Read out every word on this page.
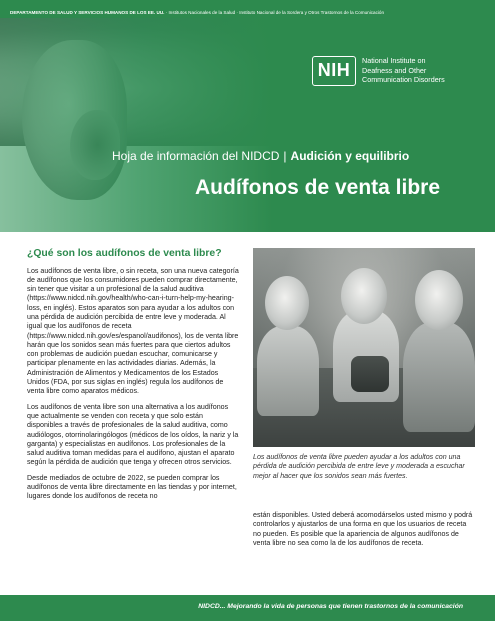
DEPARTAMENTO DE SALUD Y SERVICIOS HUMANOS DE LOS EE. UU. · Institutos Nacionales de la Salud · Instituto Nacional de la Sordera y Otros Trastornos de la Comunicación
NIH	National Institute on
Deafness and Other
Communication Disorders
Hoja de información del NIDCD | Audición y equilibrio
Audífonos de venta libre
¿Qué son los audífonos de venta libre?

Los audífonos de venta libre, o sin receta, son una nueva categoría de audífonos que los consumidores pueden comprar directamente, sin tener que visitar a un profesional de la salud auditiva (https://www.nidcd.nih.gov/health/who-can-i-turn-help-my-hearing-loss, en inglés). Estos aparatos son para ayudar a los adultos con una pérdida de audición percibida de entre leve y moderada. Al igual que los audífonos de receta (https://www.nidcd.nih.gov/es/espanol/audifonos), los de venta libre harán que los sonidos sean más fuertes para que ciertos adultos con problemas de audición puedan escuchar, comunicarse y participar plenamente en las actividades diarias. Además, la Administración de Alimentos y Medicamentos de los Estados Unidos (FDA, por sus siglas en inglés) regula los audífonos de venta libre como aparatos médicos.

Los audífonos de venta libre son una alternativa a los audífonos que actualmente se venden con receta y que solo están disponibles a través de profesionales de la salud auditiva, como audiólogos, otorrinolaringólogos (médicos de los oídos, la nariz y la garganta) y especialistas en audífonos. Los profesionales de la salud auditiva toman medidas para el audífono, ajustan el aparato según la pérdida de audición que tenga y ofrecen otros servicios.

Desde mediados de octubre de 2022, se pueden comprar los audífonos de venta libre directamente en las tiendas y por internet, lugares donde los audífonos de receta no

Los audífonos de venta libre pueden ayudar a los adultos con una pérdida de audición percibida de entre leve y moderada a escuchar mejor al hacer que los sonidos sean más fuertes.

están disponibles. Usted deberá acomodárselos usted mismo y podrá controlarlos y ajustarlos de una forma en que los usuarios de receta no pueden. Es posible que la apariencia de algunos audífonos de venta libre no sea como la de los audífonos de receta.

NIDCD... Mejorando la vida de personas que tienen trastornos de la comunicación
